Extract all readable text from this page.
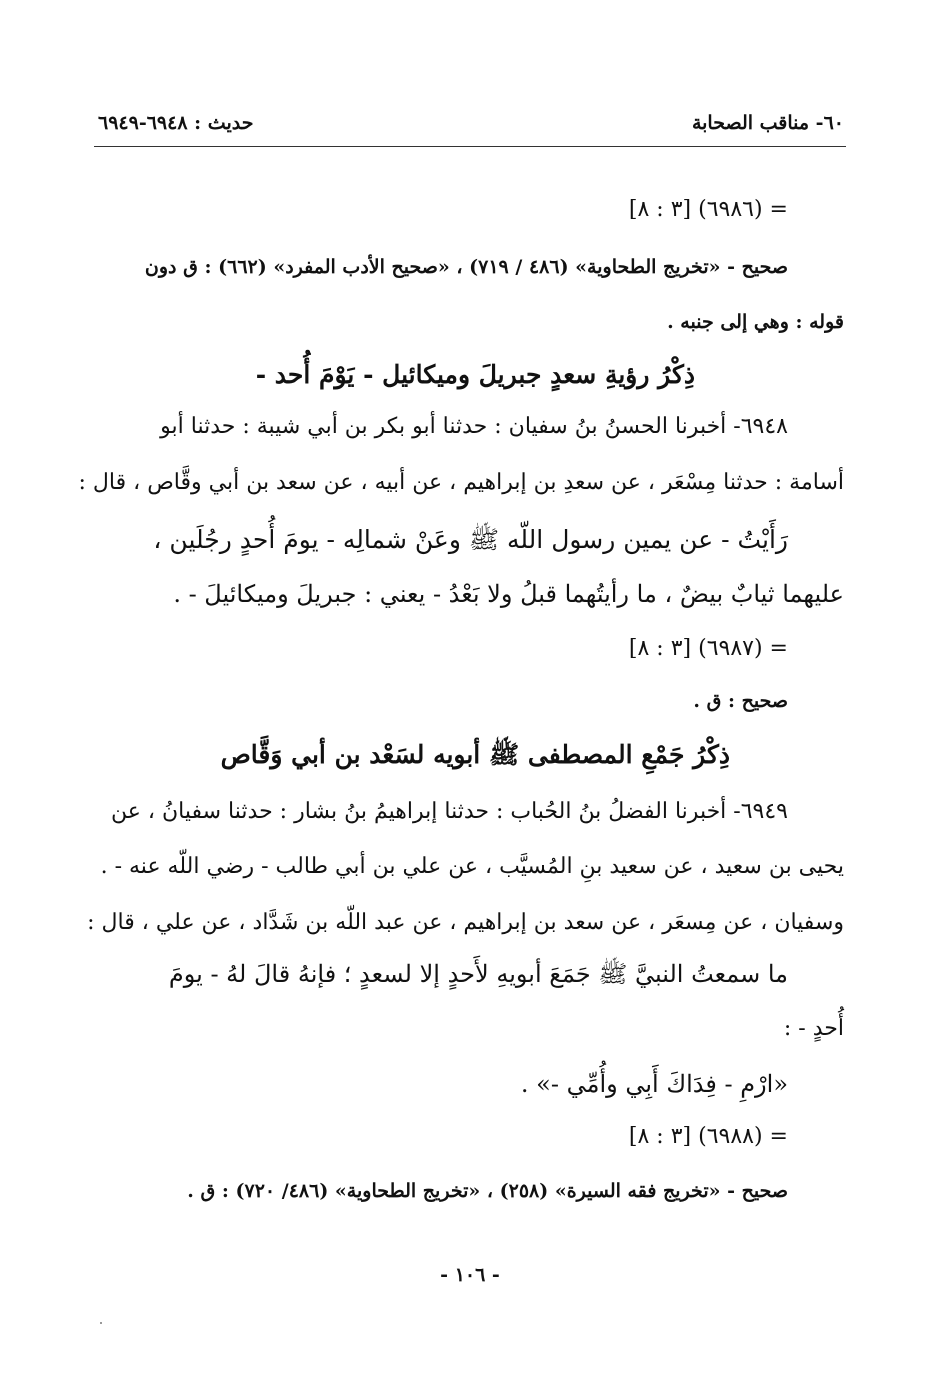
٦٠- مناقب الصحابة
حديث : ٦٩٤٨-٦٩٤٩
= (٦٩٨٦) [٣ : ٨]
صحيح - «تخريج الطحاوية» (٤٨٦ / ٧١٩) ، «صحيح الأدب المفرد» (٦٦٢) : ق دون
قوله : وهي إلى جنبه .
ذِكْرُ رؤيةِ سعدٍ جبريلَ وميكائيل - يَوْمَ أُحد -
٦٩٤٨- أخبرنا الحسنُ بنُ سفيان : حدثنا أبو بكر بن أبي شيبة : حدثنا أبو
أسامة : حدثنا مِسْعَر ، عن سعدِ بن إبراهيم ، عن أبيه ، عن سعد بن أبي وقَّاص ، قال :
رَأَيْتُ - عن يمين رسول اللّه ﷺ وعَنْ شمالِه - يومَ أُحدٍ رجُلَين ،
عليهما ثيابٌ بيضٌ ، ما رأيتُهما قبلُ ولا بَعْدُ - يعني : جبريلَ وميكائيلَ - .
= (٦٩٨٧) [٣ : ٨]
صحيح : ق .
ذِكْرُ جَمْعِ المصطفى ﷺ أبويه لسَعْد بن أبي وَقَّاص
٦٩٤٩- أخبرنا الفضلُ بنُ الحُباب : حدثنا إبراهيمُ بنُ بشار : حدثنا سفيانُ ، عن
يحيى بن سعيد ، عن سعيد بنِ المُسيَّب ، عن علي بن أبي طالب - رضي اللّه عنه - .
وسفيان ، عن مِسعَر ، عن سعد بن إبراهيم ، عن عبد اللّه بن شَدَّاد ، عن علي ، قال :
ما سمعتُ النبيَّ ﷺ جَمَعَ أبويهِ لأَحدٍ إلا لسعدٍ ؛ فإنهُ قالَ لهُ - يومَ
أُحدٍ - :
«ارْمِ - فِدَاكَ أَبِي وأُمِّي -» .
= (٦٩٨٨) [٣ : ٨]
صحيح - «تخريج فقه السيرة» (٢٥٨) ، «تخريج الطحاوية» (٤٨٦/ ٧٢٠) : ق .
- ١٠٦ -
